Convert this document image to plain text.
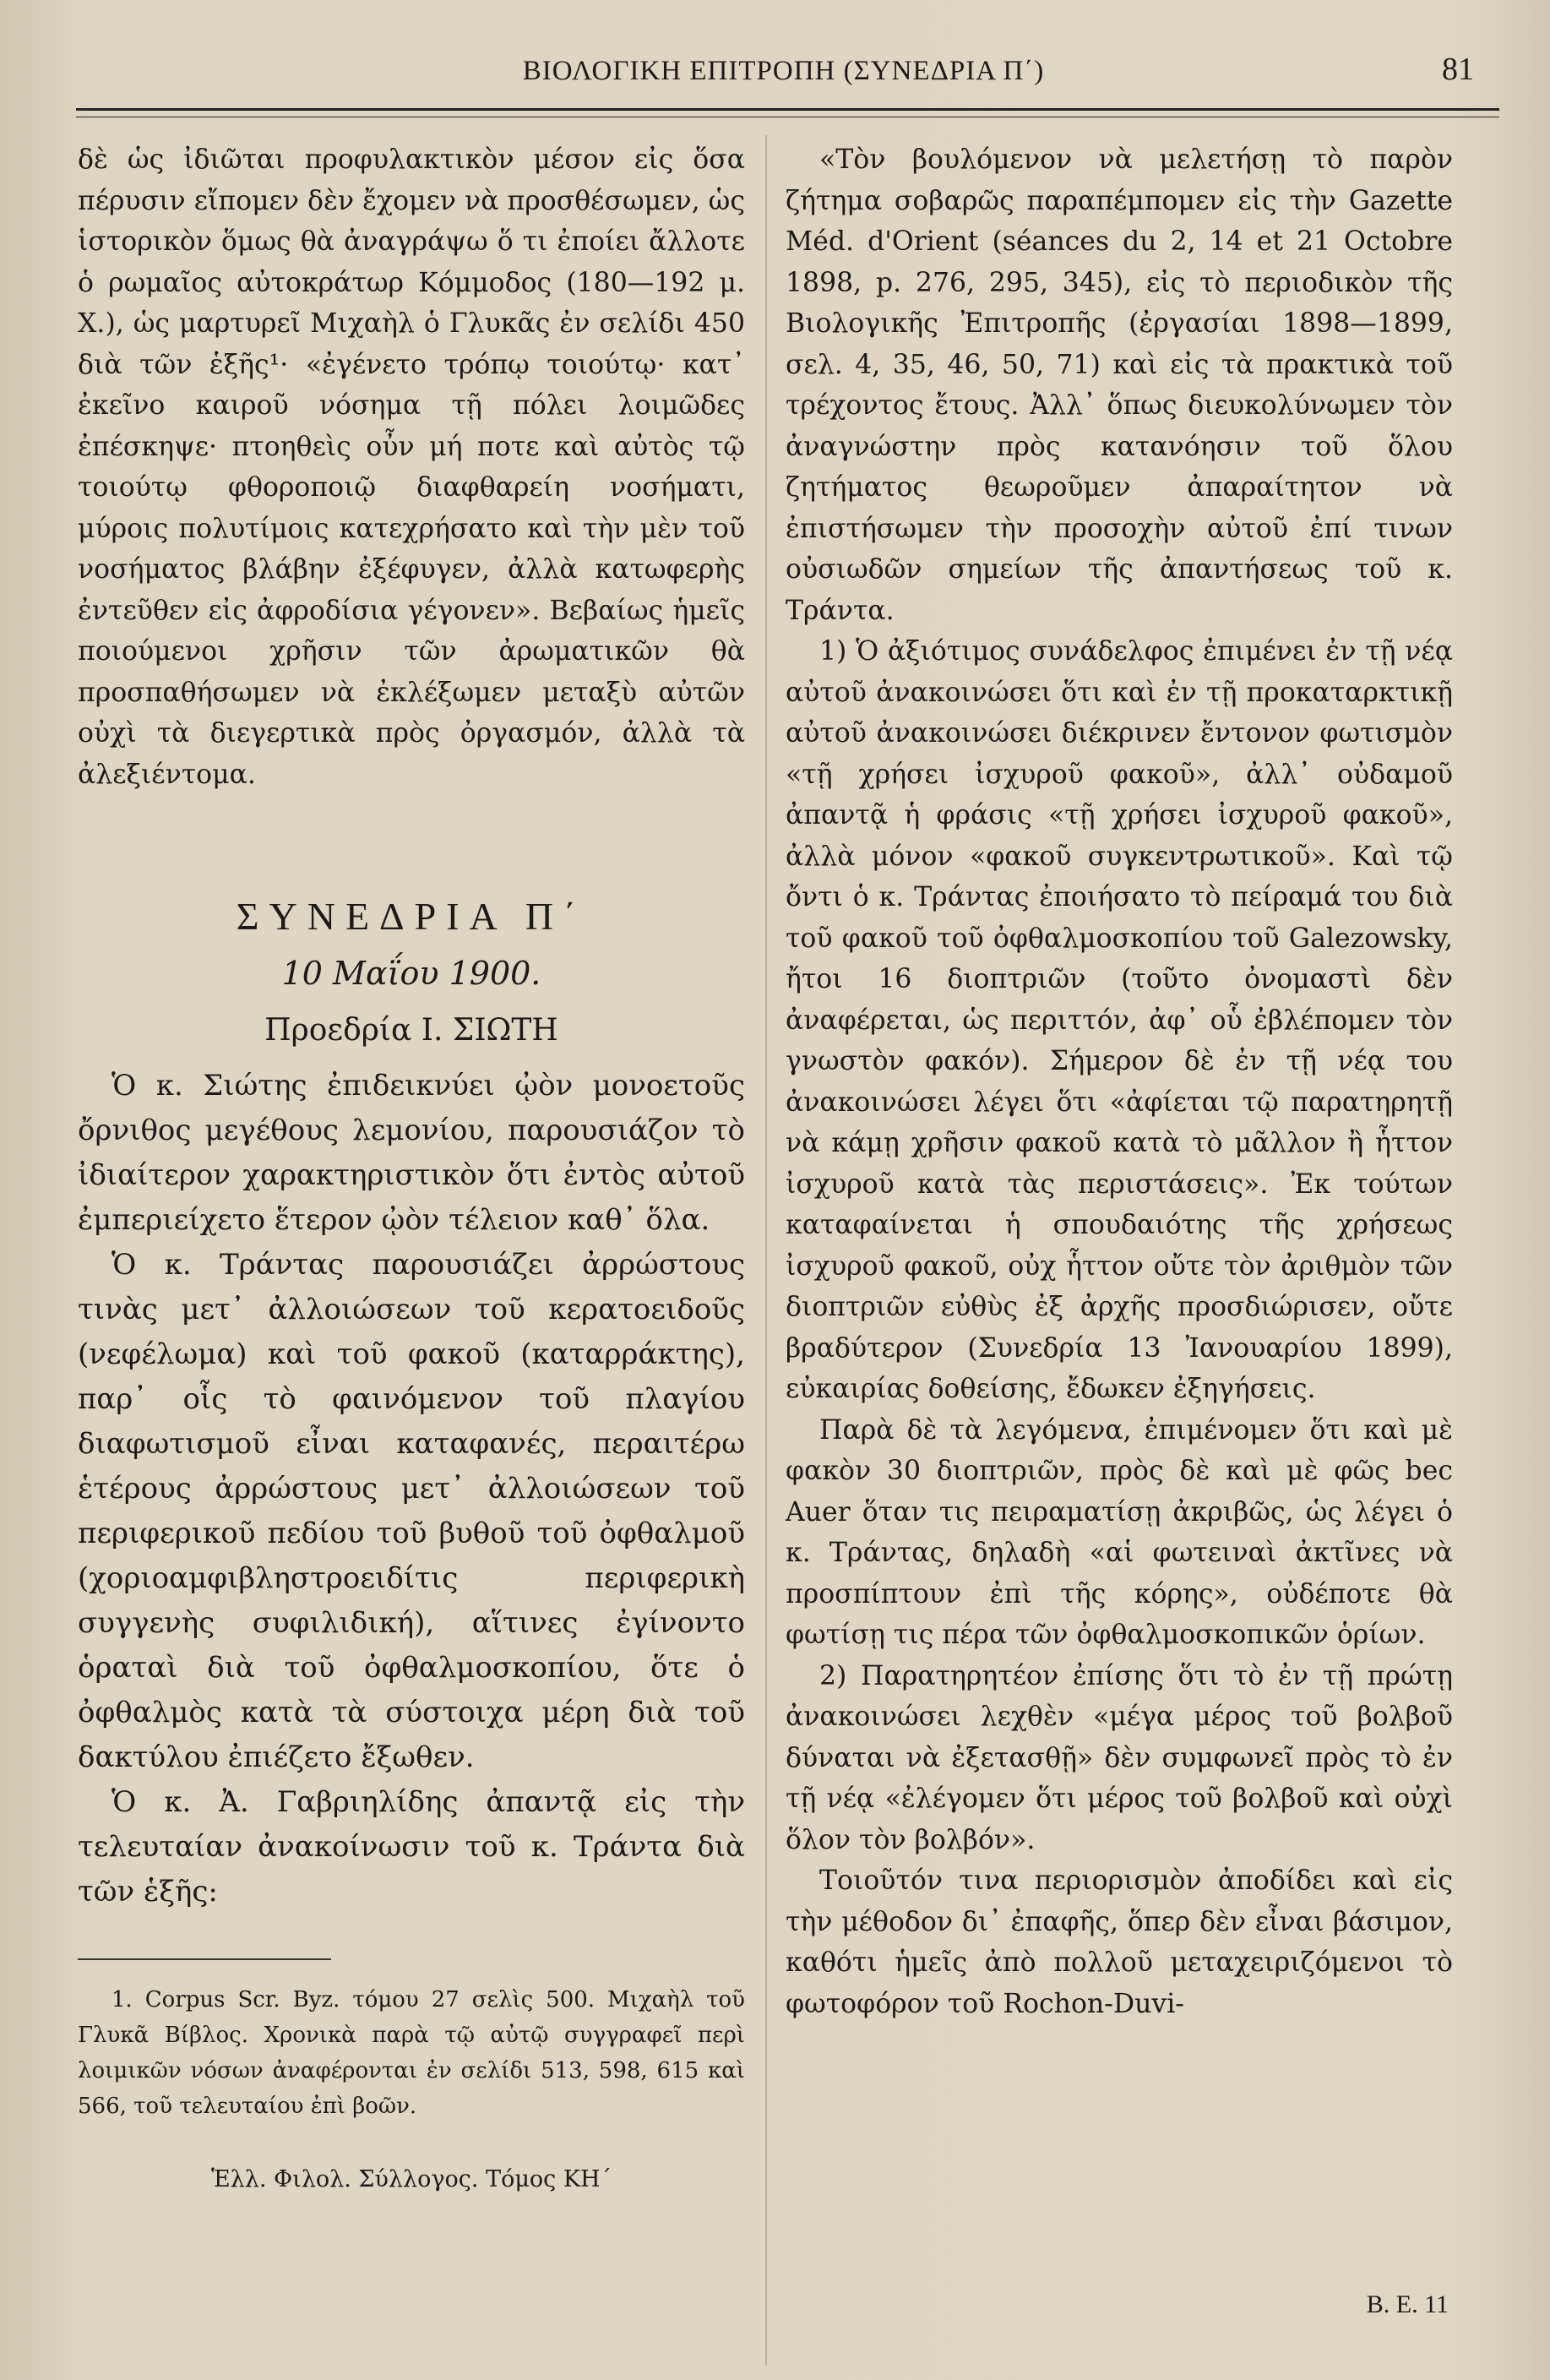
ΒΙΟΛΟΓΙΚΗ ΕΠΙΤΡΟΠΗ (ΣΥΝΕΔΡΙΑ Π΄)	81

δὲ ὡς ἰδιῶται προφυλακτικὸν μέσον εἰς ὅσα πέρυσιν εἴπομεν δὲν ἔχομεν νὰ προσθέσωμεν, ὡς ἱστορικὸν ὅμως θὰ ἀναγράψω ὅ τι ἐποίει ἄλλοτε ὁ ρωμαῖος αὐτοκράτωρ Κόμμοδος (180—192 μ. Χ.), ὡς μαρτυρεῖ Μιχαὴλ ὁ Γλυκᾶς ἐν σελίδι 450 διὰ τῶν ἑξῆς¹· «ἐγένετο τρόπῳ τοιούτῳ· κατ᾿ ἐκεῖνο καιροῦ νόσημα τῇ πόλει λοιμῶδες ἐπέσκηψε· πτοηθεὶς οὖν μή ποτε καὶ αὐτὸς τῷ τοιούτῳ φθοροποιῷ διαφθαρείη νοσήματι, μύροις πολυτίμοις κατεχρήσατο καὶ τὴν μὲν τοῦ νοσήματος βλάβην ἐξέφυγεν, ἀλλὰ κατωφερὴς ἐντεῦθεν εἰς ἀφροδίσια γέγονεν». Βεβαίως ἡμεῖς ποιούμενοι χρῆσιν τῶν ἀρωματικῶν θὰ προσπαθήσωμεν νὰ ἐκλέξωμεν μεταξὺ αὐτῶν οὐχὶ τὰ διεγερτικὰ πρὸς ὀργασμόν, ἀλλὰ τὰ ἀλεξιέντομα.

ΣΥΝΕΔΡΙΑ Π΄
10 Μαΐου 1900.
Προεδρία Ι. ΣΙΩΤΗ

Ὁ κ. Σιώτης ἐπιδεικνύει ᾠὸν μονοετοῦς ὄρνιθος μεγέθους λεμονίου, παρουσιάζον τὸ ἰδιαίτερον χαρακτηριστικὸν ὅτι ἐντὸς αὐτοῦ ἐμπεριείχετο ἕτερον ᾠὸν τέλειον καθ᾿ ὅλα.

Ὁ κ. Τράντας παρουσιάζει ἀρρώστους τινὰς μετ᾿ ἀλλοιώσεων τοῦ κερατοειδοῦς (νεφέλωμα) καὶ τοῦ φακοῦ (καταρράκτης), παρ᾿ οἷς τὸ φαινόμενον τοῦ πλαγίου διαφωτισμοῦ εἶναι καταφανές, περαιτέρω ἑτέρους ἀρρώστους μετ᾿ ἀλλοιώσεων τοῦ περιφερικοῦ πεδίου τοῦ βυθοῦ τοῦ ὀφθαλμοῦ (χοριοαμφιβληστροειδίτις περιφερικὴ συγγενὴς συφιλιδική), αἵτινες ἐγίνοντο ὁραταὶ διὰ τοῦ ὀφθαλμοσκοπίου, ὅτε ὁ ὀφθαλμὸς κατὰ τὰ σύστοιχα μέρη διὰ τοῦ δακτύλου ἐπιέζετο ἔξωθεν.

Ὁ κ. Ἀ. Γαβριηλίδης ἀπαντᾷ εἰς τὴν τελευταίαν ἀνακοίνωσιν τοῦ κ. Τράντα διὰ τῶν ἑξῆς:

1. Corpus Scr. Byz. τόμου 27 σελὶς 500. Μιχαὴλ τοῦ Γλυκᾶ Βίβλος. Χρονικὰ παρὰ τῷ αὐτῷ συγγραφεῖ περὶ λοιμικῶν νόσων ἀναφέρονται ἐν σελίδι 513, 598, 615 καὶ 566, τοῦ τελευταίου ἐπὶ βοῶν.

Ἑλλ. Φιλολ. Σύλλογος. Τόμος ΚΗ΄

«Τὸν βουλόμενον νὰ μελετήσῃ τὸ παρὸν ζήτημα σοβαρῶς παραπέμπομεν εἰς τὴν Gazette Méd. d'Orient (séances du 2, 14 et 21 Octobre 1898, p. 276, 295, 345), εἰς τὸ περιοδικὸν τῆς Βιολογικῆς Ἐπιτροπῆς (ἐργασίαι 1898—1899, σελ. 4, 35, 46, 50, 71) καὶ εἰς τὰ πρακτικὰ τοῦ τρέχοντος ἔτους. Ἀλλ᾿ ὅπως διευκολύνωμεν τὸν ἀναγνώστην πρὸς κατανόησιν τοῦ ὅλου ζητήματος θεωροῦμεν ἀπαραίτητον νὰ ἐπιστήσωμεν τὴν προσοχὴν αὐτοῦ ἐπί τινων οὐσιωδῶν σημείων τῆς ἀπαντήσεως τοῦ κ. Τράντα.

1) Ὁ ἀξιότιμος συνάδελφος ἐπιμένει ἐν τῇ νέᾳ αὐτοῦ ἀνακοινώσει ὅτι καὶ ἐν τῇ προκαταρκτικῇ αὐτοῦ ἀνακοινώσει διέκρινεν ἔντονον φωτισμὸν «τῇ χρήσει ἰσχυροῦ φακοῦ», ἀλλ᾿ οὐδαμοῦ ἀπαντᾷ ἡ φράσις «τῇ χρήσει ἰσχυροῦ φακοῦ», ἀλλὰ μόνον «φακοῦ συγκεντρωτικοῦ». Καὶ τῷ ὄντι ὁ κ. Τράντας ἐποιήσατο τὸ πείραμά του διὰ τοῦ φακοῦ τοῦ ὀφθαλμοσκοπίου τοῦ Galezowsky, ἤτοι 16 διοπτριῶν (τοῦτο ὀνομαστὶ δὲν ἀναφέρεται, ὡς περιττόν, ἀφ᾿ οὗ ἐβλέπομεν τὸν γνωστὸν φακόν). Σήμερον δὲ ἐν τῇ νέᾳ του ἀνακοινώσει λέγει ὅτι «ἀφίεται τῷ παρατηρητῇ νὰ κάμῃ χρῆσιν φακοῦ κατὰ τὸ μᾶλλον ἢ ἧττον ἰσχυροῦ κατὰ τὰς περιστάσεις». Ἐκ τούτων καταφαίνεται ἡ σπουδαιότης τῆς χρήσεως ἰσχυροῦ φακοῦ, οὐχ ἧττον οὔτε τὸν ἀριθμὸν τῶν διοπτριῶν εὐθὺς ἐξ ἀρχῆς προσδιώρισεν, οὔτε βραδύτερον (Συνεδρία 13 Ἰανουαρίου 1899), εὐκαιρίας δοθείσης, ἔδωκεν ἐξηγήσεις.

Παρὰ δὲ τὰ λεγόμενα, ἐπιμένομεν ὅτι καὶ μὲ φακὸν 30 διοπτριῶν, πρὸς δὲ καὶ μὲ φῶς bec Auer ὅταν τις πειραματίσῃ ἀκριβῶς, ὡς λέγει ὁ κ. Τράντας, δηλαδὴ «αἱ φωτειναὶ ἀκτῖνες νὰ προσπίπτουν ἐπὶ τῆς κόρης», οὐδέποτε θὰ φωτίσῃ τις πέρα τῶν ὀφθαλμοσκοπικῶν ὁρίων.

2) Παρατηρητέον ἐπίσης ὅτι τὸ ἐν τῇ πρώτῃ ἀνακοινώσει λεχθὲν «μέγα μέρος τοῦ βολβοῦ δύναται νὰ ἐξετασθῇ» δὲν συμφωνεῖ πρὸς τὸ ἐν τῇ νέᾳ «ἐλέγομεν ὅτι μέρος τοῦ βολβοῦ καὶ οὐχὶ ὅλον τὸν βολβόν».

Τοιοῦτόν τινα περιορισμὸν ἀποδίδει καὶ εἰς τὴν μέθοδον δι᾿ ἐπαφῆς, ὅπερ δὲν εἶναι βάσιμον, καθότι ἡμεῖς ἀπὸ πολλοῦ μεταχειριζόμενοι τὸ φωτοφόρον τοῦ Rochon-Duvi-

Β. Ε. 11
